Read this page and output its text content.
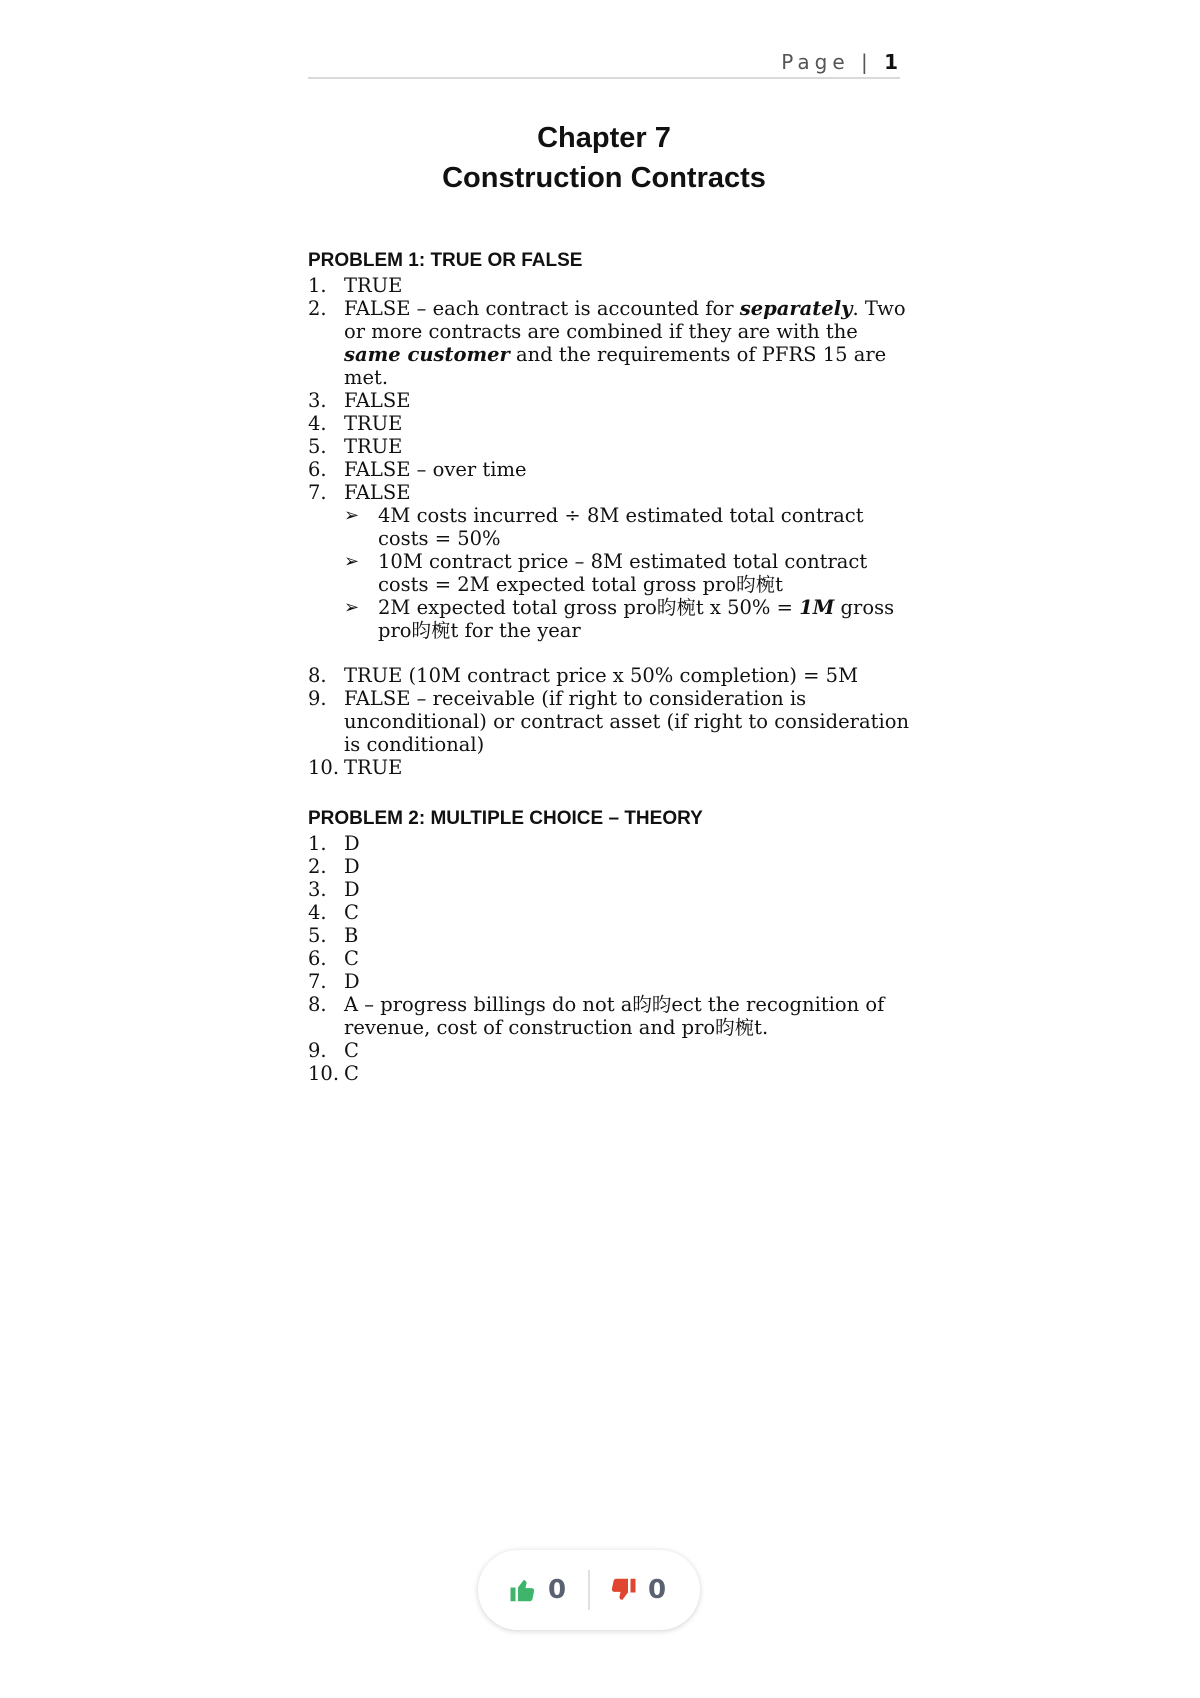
Page | 1
Chapter 7
Construction Contracts
PROBLEM 1: TRUE OR FALSE
1. TRUE
2. FALSE – each contract is accounted for separately. Two or more contracts are combined if they are with the same customer and the requirements of PFRS 15 are met.
3. FALSE
4. TRUE
5. TRUE
6. FALSE – over time
7. FALSE
➢ 4M costs incurred ÷ 8M estimated total contract costs = 50%
➢ 10M contract price – 8M estimated total contract costs = 2M expected total gross pro昀椀t
➢ 2M expected total gross pro昀椀t x 50% = 1M gross pro昀椀t for the year
8. TRUE (10M contract price x 50% completion) = 5M
9. FALSE – receivable (if right to consideration is unconditional) or contract asset (if right to consideration is conditional)
10. TRUE
PROBLEM 2: MULTIPLE CHOICE – THEORY
1. D
2. D
3. D
4. C
5. B
6. C
7. D
8. A – progress billings do not a昀昀ect the recognition of revenue, cost of construction and pro昀椀t.
9. C
10. C
0	0
